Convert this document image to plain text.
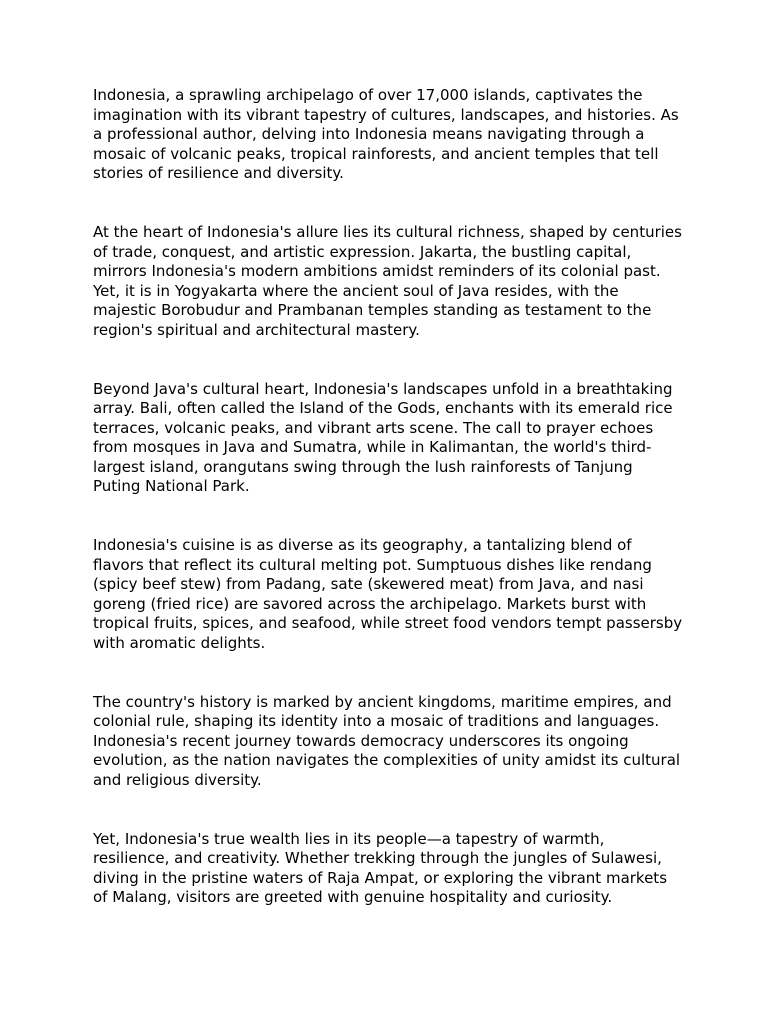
Indonesia, a sprawling archipelago of over 17,000 islands, captivates the imagination with its vibrant tapestry of cultures, landscapes, and histories. As a professional author, delving into Indonesia means navigating through a mosaic of volcanic peaks, tropical rainforests, and ancient temples that tell stories of resilience and diversity.

At the heart of Indonesia's allure lies its cultural richness, shaped by centuries of trade, conquest, and artistic expression. Jakarta, the bustling capital, mirrors Indonesia's modern ambitions amidst reminders of its colonial past. Yet, it is in Yogyakarta where the ancient soul of Java resides, with the majestic Borobudur and Prambanan temples standing as testament to the region's spiritual and architectural mastery.

Beyond Java's cultural heart, Indonesia's landscapes unfold in a breathtaking array. Bali, often called the Island of the Gods, enchants with its emerald rice terraces, volcanic peaks, and vibrant arts scene. The call to prayer echoes from mosques in Java and Sumatra, while in Kalimantan, the world's third-largest island, orangutans swing through the lush rainforests of Tanjung Puting National Park.

Indonesia's cuisine is as diverse as its geography, a tantalizing blend of flavors that reflect its cultural melting pot. Sumptuous dishes like rendang (spicy beef stew) from Padang, sate (skewered meat) from Java, and nasi goreng (fried rice) are savored across the archipelago. Markets burst with tropical fruits, spices, and seafood, while street food vendors tempt passersby with aromatic delights.

The country's history is marked by ancient kingdoms, maritime empires, and colonial rule, shaping its identity into a mosaic of traditions and languages. Indonesia's recent journey towards democracy underscores its ongoing evolution, as the nation navigates the complexities of unity amidst its cultural and religious diversity.

Yet, Indonesia's true wealth lies in its people—a tapestry of warmth, resilience, and creativity. Whether trekking through the jungles of Sulawesi, diving in the pristine waters of Raja Ampat, or exploring the vibrant markets of Malang, visitors are greeted with genuine hospitality and curiosity.
